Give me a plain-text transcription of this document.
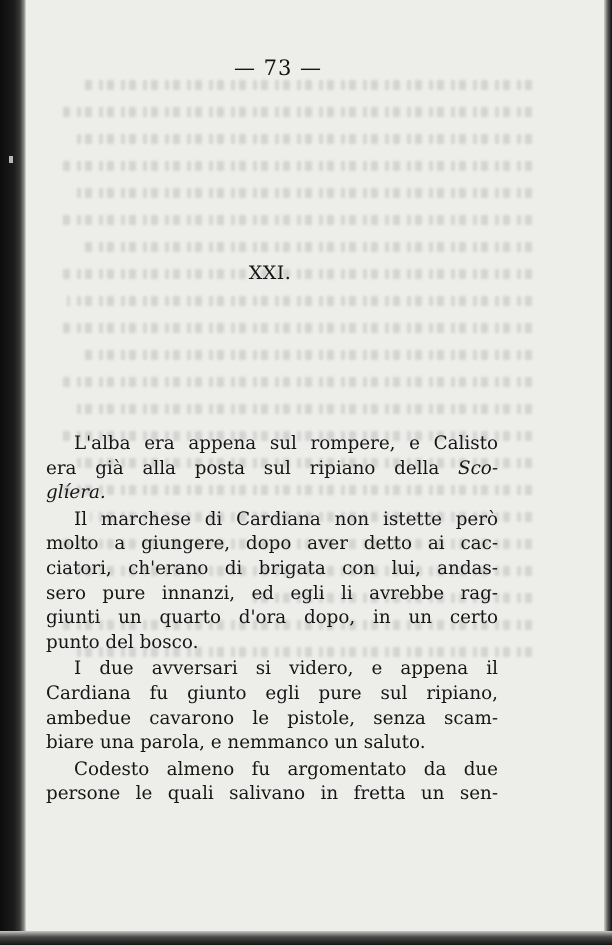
— 73 —
XXI.

L'alba era appena sul rompere, e Calisto
era già alla posta sul ripiano della Sco-
glíera.

Il marchese di Cardiana non istette però
molto a giungere, dopo aver detto ai cac-
ciatori, ch'erano di brigata con lui, andas-
sero pure innanzi, ed egli li avrebbe rag-
giunti un quarto d'ora dopo, in un certo
punto del bosco.

I due avversari si videro, e appena il
Cardiana fu giunto egli pure sul ripiano,
ambedue cavarono le pistole, senza scam-
biare una parola, e nemmanco un saluto.

Codesto almeno fu argomentato da due
persone le quali salivano in fretta un sen-
